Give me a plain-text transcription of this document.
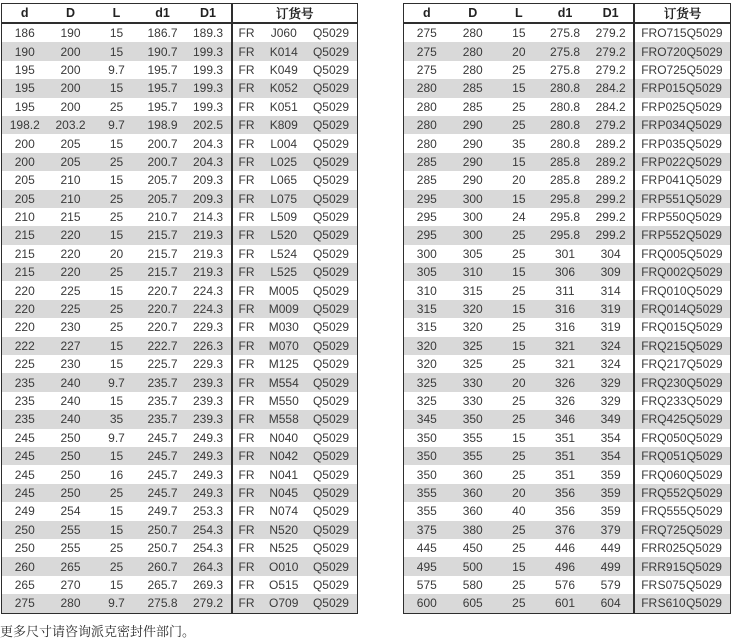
d	D	L	d1	D1	订货号
186	190	15	186.7	189.3	FR J060 Q5029

190	200	15	190.7	199.3	FR K014 Q5029

195	200	9.7	195.7	199.3	FR K049 Q5029

195	200	15	195.7	199.3	FR K052 Q5029

195	200	25	195.7	199.3	FR K051 Q5029

198.2	203.2	9.7	198.9	202.5	FR K809 Q5029

200	205	15	200.7	204.3	FR L004 Q5029

200	205	25	200.7	204.3	FR L025 Q5029

205	210	15	205.7	209.3	FR L065 Q5029

205	210	25	205.7	209.3	FR L075 Q5029

210	215	25	210.7	214.3	FR L509 Q5029

215	220	15	215.7	219.3	FR L520 Q5029

215	220	20	215.7	219.3	FR L524 Q5029

215	220	25	215.7	219.3	FR L525 Q5029

220	225	15	220.7	224.3	FR M005 Q5029

220	225	25	220.7	224.3	FR M009 Q5029

220	230	25	220.7	229.3	FR M030 Q5029

222	227	15	222.7	226.3	FR M070 Q5029

225	230	15	225.7	229.3	FR M125 Q5029

235	240	9.7	235.7	239.3	FR M554 Q5029

235	240	15	235.7	239.3	FR M550 Q5029

235	240	35	235.7	239.3	FR M558 Q5029

245	250	9.7	245.7	249.3	FR N040 Q5029

245	250	15	245.7	249.3	FR N042 Q5029

245	250	16	245.7	249.3	FR N041 Q5029

245	250	25	245.7	249.3	FR N045 Q5029

249	254	15	249.7	253.3	FR N074 Q5029

250	255	15	250.7	254.3	FR N520 Q5029

250	255	25	250.7	254.3	FR N525 Q5029

260	265	25	260.7	264.3	FR O010 Q5029

265	270	15	265.7	269.3	FR O515 Q5029

275	280	9.7	275.8	279.2	FR O709 Q5029
d	D	L	d1	D1	订货号
275	280	15	275.8	279.2	FR O715 Q5029

275	280	20	275.8	279.2	FR O720 Q5029

275	280	25	275.8	279.2	FR O725 Q5029

280	285	15	280.8	284.2	FR P015 Q5029

280	285	25	280.8	284.2	FR P025 Q5029

280	290	25	280.8	279.2	FR P034 Q5029

280	290	35	280.8	289.2	FR P035 Q5029

285	290	15	285.8	289.2	FR P022 Q5029

285	290	20	285.8	289.2	FR P041 Q5029

295	300	15	295.8	299.2	FR P551 Q5029

295	300	24	295.8	299.2	FR P550 Q5029

295	300	25	295.8	299.2	FR P552 Q5029

300	305	25	301	304	FR Q005 Q5029

305	310	15	306	309	FR Q002 Q5029

310	315	25	311	314	FR Q010 Q5029

315	320	15	316	319	FR Q014 Q5029

315	320	25	316	319	FR Q015 Q5029

320	325	15	321	324	FR Q215 Q5029

320	325	25	321	324	FR Q217 Q5029

325	330	20	326	329	FR Q230 Q5029

325	330	25	326	329	FR Q233 Q5029

345	350	25	346	349	FR Q425 Q5029

350	355	15	351	354	FR Q050 Q5029

350	355	25	351	354	FR Q051 Q5029

350	360	25	351	359	FR Q060 Q5029

355	360	20	356	359	FR Q552 Q5029

355	360	40	356	359	FR Q555 Q5029

375	380	25	376	379	FR Q725 Q5029

445	450	25	446	449	FR R025 Q5029

495	500	15	496	499	FR R915 Q5029

575	580	25	576	579	FR S075 Q5029

600	605	25	601	604	FR S610 Q5029
更多尺寸请咨询派克密封件部门。
